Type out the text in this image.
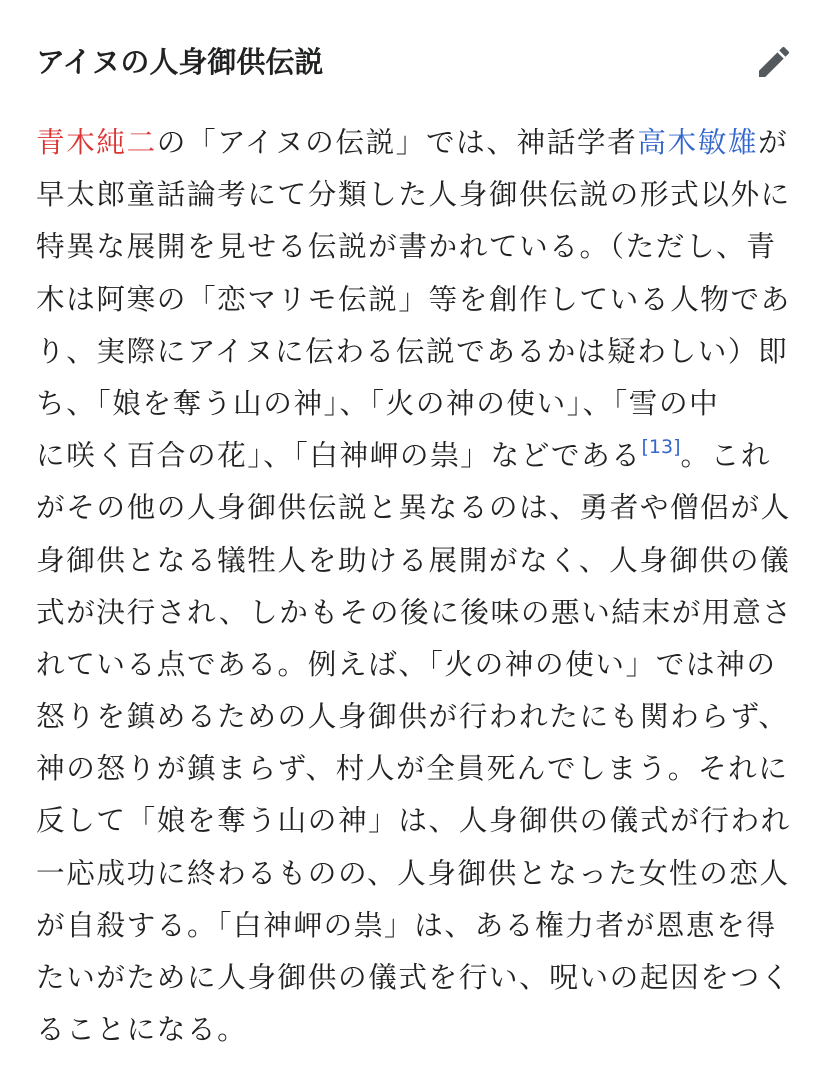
アイヌの人身御供伝説
青木純二の「アイヌの伝説」では、神話学者高木敏雄が
早太郎童話論考にて分類した人身御供伝説の形式以外に
特異な展開を見せる伝説が書かれている。（ただし、青
木は阿寒の「恋マリモ伝説」等を創作している人物であ
り、実際にアイヌに伝わる伝説であるかは疑わしい）即
ち、「娘を奪う山の神」、「火の神の使い」、「雪の中
に咲く百合の花」、「白神岬の祟」などである[13]。これ
がその他の人身御供伝説と異なるのは、勇者や僧侶が人
身御供となる犠牲人を助ける展開がなく、人身御供の儀
式が決行され、しかもその後に後味の悪い結末が用意さ
れている点である。例えば、「火の神の使い」では神の
怒りを鎮めるための人身御供が行われたにも関わらず、
神の怒りが鎮まらず、村人が全員死んでしまう。それに
反して「娘を奪う山の神」は、人身御供の儀式が行われ
一応成功に終わるものの、人身御供となった女性の恋人
が自殺する。「白神岬の祟」は、ある権力者が恩恵を得
たいがために人身御供の儀式を行い、呪いの起因をつく
ることになる。
